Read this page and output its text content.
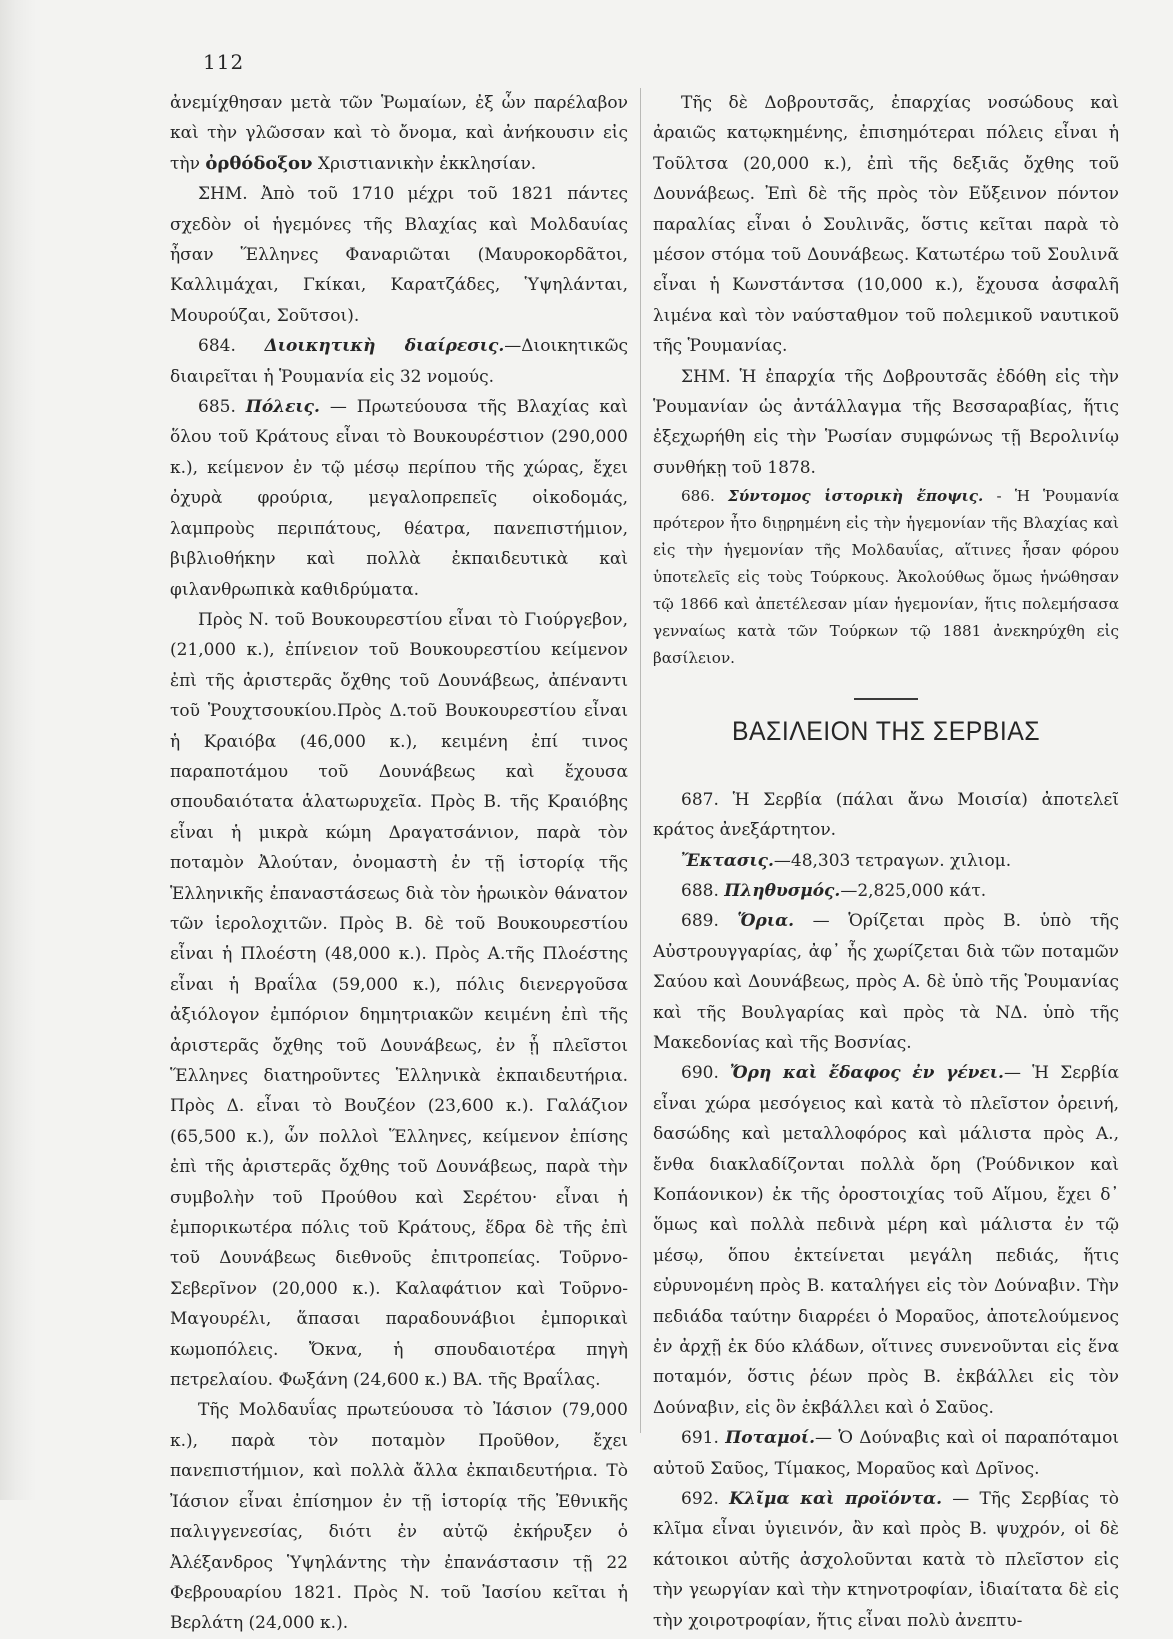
112

ἀνεμίχθησαν μετὰ τῶν Ῥωμαίων, ἐξ ὧν παρέλαβον καὶ τὴν γλῶσσαν καὶ τὸ ὄνομα, καὶ ἀνήκουσιν εἰς τὴν ὀρθόδοξον Χριστιανικὴν ἐκκλησίαν.

ΣΗΜ. Ἀπὸ τοῦ 1710 μέχρι τοῦ 1821 πάντες σχεδὸν οἱ ἡγεμόνες τῆς Βλαχίας καὶ Μολδαυίας ἦσαν Ἕλληνες Φαναριῶται (Μαυροκορδᾶτοι, Καλλιμάχαι, Γκίκαι, Καρατζάδες, Ὑψηλάνται, Μουρούζαι, Σοῦτσοι).

684. Διοικητικὴ διαίρεσις.—Διοικητικῶς διαιρεῖται ἡ Ῥουμανία εἰς 32 νομούς.

685. Πόλεις. — Πρωτεύουσα τῆς Βλαχίας καὶ ὅλου τοῦ Κράτους εἶναι τὸ Βουκουρέστιον (290,000 κ.), κείμενον ἐν τῷ μέσῳ περίπου τῆς χώρας, ἔχει ὀχυρὰ φρούρια, μεγαλοπρεπεῖς οἰκοδομάς, λαμπροὺς περιπάτους, θέατρα, πανεπιστήμιον, βιβλιοθήκην καὶ πολλὰ ἐκπαιδευτικὰ καὶ φιλανθρωπικὰ καθιδρύματα.

Πρὸς Ν. τοῦ Βουκουρεστίου εἶναι τὸ Γιούργεβον, (21,000 κ.), ἐπίνειον τοῦ Βουκουρεστίου κείμενον ἐπὶ τῆς ἀριστερᾶς ὄχθης τοῦ Δουνάβεως, ἀπέναντι τοῦ Ῥουχτσουκίου.Πρὸς Δ.τοῦ Βουκουρεστίου εἶναι ἡ Κραιόβα (46,000 κ.), κειμένη ἐπί τινος παραποτάμου τοῦ Δουνάβεως καὶ ἔχουσα σπουδαιότατα ἁλατωρυχεῖα. Πρὸς Β. τῆς Κραιόβης εἶναι ἡ μικρὰ κώμη Δραγατσάνιον, παρὰ τὸν ποταμὸν Ἀλούταν, ὀνομαστὴ ἐν τῇ ἱστορίᾳ τῆς Ἑλληνικῆς ἐπαναστάσεως διὰ τὸν ἡρωικὸν θάνατον τῶν ἱερολοχιτῶν. Πρὸς Β. δὲ τοῦ Βουκουρεστίου εἶναι ἡ Πλοέστη (48,000 κ.). Πρὸς Α.τῆς Πλοέστης εἶναι ἡ Βραΐλα (59,000 κ.), πόλις διενεργοῦσα ἀξιόλογον ἐμπόριον δημητριακῶν κειμένη ἐπὶ τῆς ἀριστερᾶς ὄχθης τοῦ Δουνάβεως, ἐν ᾗ πλεῖστοι Ἕλληνες διατηροῦντες Ἑλληνικὰ ἐκπαιδευτήρια. Πρὸς Δ. εἶναι τὸ Βουζέον (23,600 κ.). Γαλάζιον (65,500 κ.), ὧν πολλοὶ Ἕλληνες, κείμενον ἐπίσης ἐπὶ τῆς ἀριστερᾶς ὄχθης τοῦ Δουνάβεως, παρὰ τὴν συμβολὴν τοῦ Προύθου καὶ Σερέτου· εἶναι ἡ ἐμπορικωτέρα πόλις τοῦ Κράτους, ἕδρα δὲ τῆς ἐπὶ τοῦ Δουνάβεως διεθνοῦς ἐπιτροπείας. Τοῦρνο-Σεβερῖνον (20,000 κ.). Καλαφάτιον καὶ Τοῦρνο-Μαγουρέλι, ἅπασαι παραδουνάβιοι ἐμπορικαὶ κωμοπόλεις. Ὄκνα, ἡ σπουδαιοτέρα πηγὴ πετρελαίου. Φωξάνη (24,600 κ.) ΒΑ. τῆς Βραΐλας.

Τῆς Μολδαυΐας πρωτεύουσα τὸ Ἰάσιον (79,000 κ.), παρὰ τὸν ποταμὸν Προῦθον, ἔχει πανεπιστήμιον, καὶ πολλὰ ἄλλα ἐκπαιδευτήρια. Τὸ Ἰάσιον εἶναι ἐπίσημον ἐν τῇ ἱστορίᾳ τῆς Ἐθνικῆς παλιγγενεσίας, διότι ἐν αὐτῷ ἐκήρυξεν ὁ Ἀλέξανδρος Ὑψηλάντης τὴν ἐπανάστασιν τῇ 22 Φεβρουαρίου 1821. Πρὸς Ν. τοῦ Ἰασίου κεῖται ἡ Βερλάτη (24,000 κ.).

Τῆς δὲ Δοβρουτσᾶς, ἐπαρχίας νοσώδους καὶ ἀραιῶς κατῳκημένης, ἐπισημότεραι πόλεις εἶναι ἡ Τοῦλτσα (20,000 κ.), ἐπὶ τῆς δεξιᾶς ὄχθης τοῦ Δουνάβεως. Ἐπὶ δὲ τῆς πρὸς τὸν Εὔξεινον πόντον παραλίας εἶναι ὁ Σουλινᾶς, ὅστις κεῖται παρὰ τὸ μέσον στόμα τοῦ Δουνάβεως. Κατωτέρω τοῦ Σουλινᾶ εἶναι ἡ Κωνστάντσα (10,000 κ.), ἔχουσα ἀσφαλῆ λιμένα καὶ τὸν ναύσταθμον τοῦ πολεμικοῦ ναυτικοῦ τῆς Ῥουμανίας.

ΣΗΜ. Ἡ ἐπαρχία τῆς Δοβρουτσᾶς ἐδόθη εἰς τὴν Ῥουμανίαν ὡς ἀντάλλαγμα τῆς Βεσσαραβίας, ἥτις ἐξεχωρήθη εἰς τὴν Ῥωσίαν συμφώνως τῇ Βερολινίῳ συνθήκῃ τοῦ 1878.

686. Σύντομος ἱστορικὴ ἔποψις. - Ἡ Ῥουμανία πρότερον ἦτο διῃρημένη εἰς τὴν ἡγεμονίαν τῆς Βλαχίας καὶ εἰς τὴν ἡγεμονίαν τῆς Μολδαυΐας, αἵτινες ἦσαν φόρου ὑποτελεῖς εἰς τοὺς Τούρκους. Ἀκολούθως ὅμως ἡνώθησαν τῷ 1866 καὶ ἀπετέλεσαν μίαν ἡγεμονίαν, ἥτις πολεμήσασα γενναίως κατὰ τῶν Τούρκων τῷ 1881 ἀνεκηρύχθη εἰς βασίλειον.

ΒΑΣΙΛΕΙΟΝ ΤΗΣ ΣΕΡΒΙΑΣ

687. Ἡ Σερβία (πάλαι ἄνω Μοισία) ἀποτελεῖ κράτος ἀνεξάρτητον.

Ἔκτασις.—48,303 τετραγων. χιλιομ.

688. Πληθυσμός.—2,825,000 κάτ.

689. Ὅρια. — Ὁρίζεται πρὸς Β. ὑπὸ τῆς Αὐστρουγγαρίας, ἀφ᾽ ἧς χωρίζεται διὰ τῶν ποταμῶν Σαύου καὶ Δουνάβεως, πρὸς Α. δὲ ὑπὸ τῆς Ῥουμανίας καὶ τῆς Βουλγαρίας καὶ πρὸς τὰ ΝΔ. ὑπὸ τῆς Μακεδονίας καὶ τῆς Βοσνίας.

690. Ὄρη καὶ ἔδαφος ἐν γένει.— Ἡ Σερβία εἶναι χώρα μεσόγειος καὶ κατὰ τὸ πλεῖστον ὀρεινή, δασώδης καὶ μεταλλοφόρος καὶ μάλιστα πρὸς Α., ἔνθα διακλαδίζονται πολλὰ ὄρη (Ῥούδνικον καὶ Κοπάονικον) ἐκ τῆς ὀροστοιχίας τοῦ Αἵμου, ἔχει δ᾽ ὅμως καὶ πολλὰ πεδινὰ μέρη καὶ μάλιστα ἐν τῷ μέσῳ, ὅπου ἐκτείνεται μεγάλη πεδιάς, ἥτις εὐρυνομένη πρὸς Β. καταλήγει εἰς τὸν Δούναβιν. Τὴν πεδιάδα ταύτην διαρρέει ὁ Μοραῦος, ἀποτελούμενος ἐν ἀρχῇ ἐκ δύο κλάδων, οἵτινες συνενοῦνται εἰς ἕνα ποταμόν, ὅστις ῥέων πρὸς Β. ἐκβάλλει εἰς τὸν Δούναβιν, εἰς ὃν ἐκβάλλει καὶ ὁ Σαῦος.

691. Ποταμοί.— Ὁ Δούναβις καὶ οἱ παραπόταμοι αὐτοῦ Σαῦος, Τίμακος, Μοραῦος καὶ Δρῖνος.

692. Κλῖμα καὶ προϊόντα. — Τῆς Σερβίας τὸ κλῖμα εἶναι ὑγιεινόν, ἂν καὶ πρὸς Β. ψυχρόν, οἱ δὲ κάτοικοι αὐτῆς ἀσχολοῦνται κατὰ τὸ πλεῖστον εἰς τὴν γεωργίαν καὶ τὴν κτηνοτροφίαν, ἰδιαίτατα δὲ εἰς τὴν χοιροτροφίαν, ἥτις εἶναι πολὺ ἀνεπτυ-
